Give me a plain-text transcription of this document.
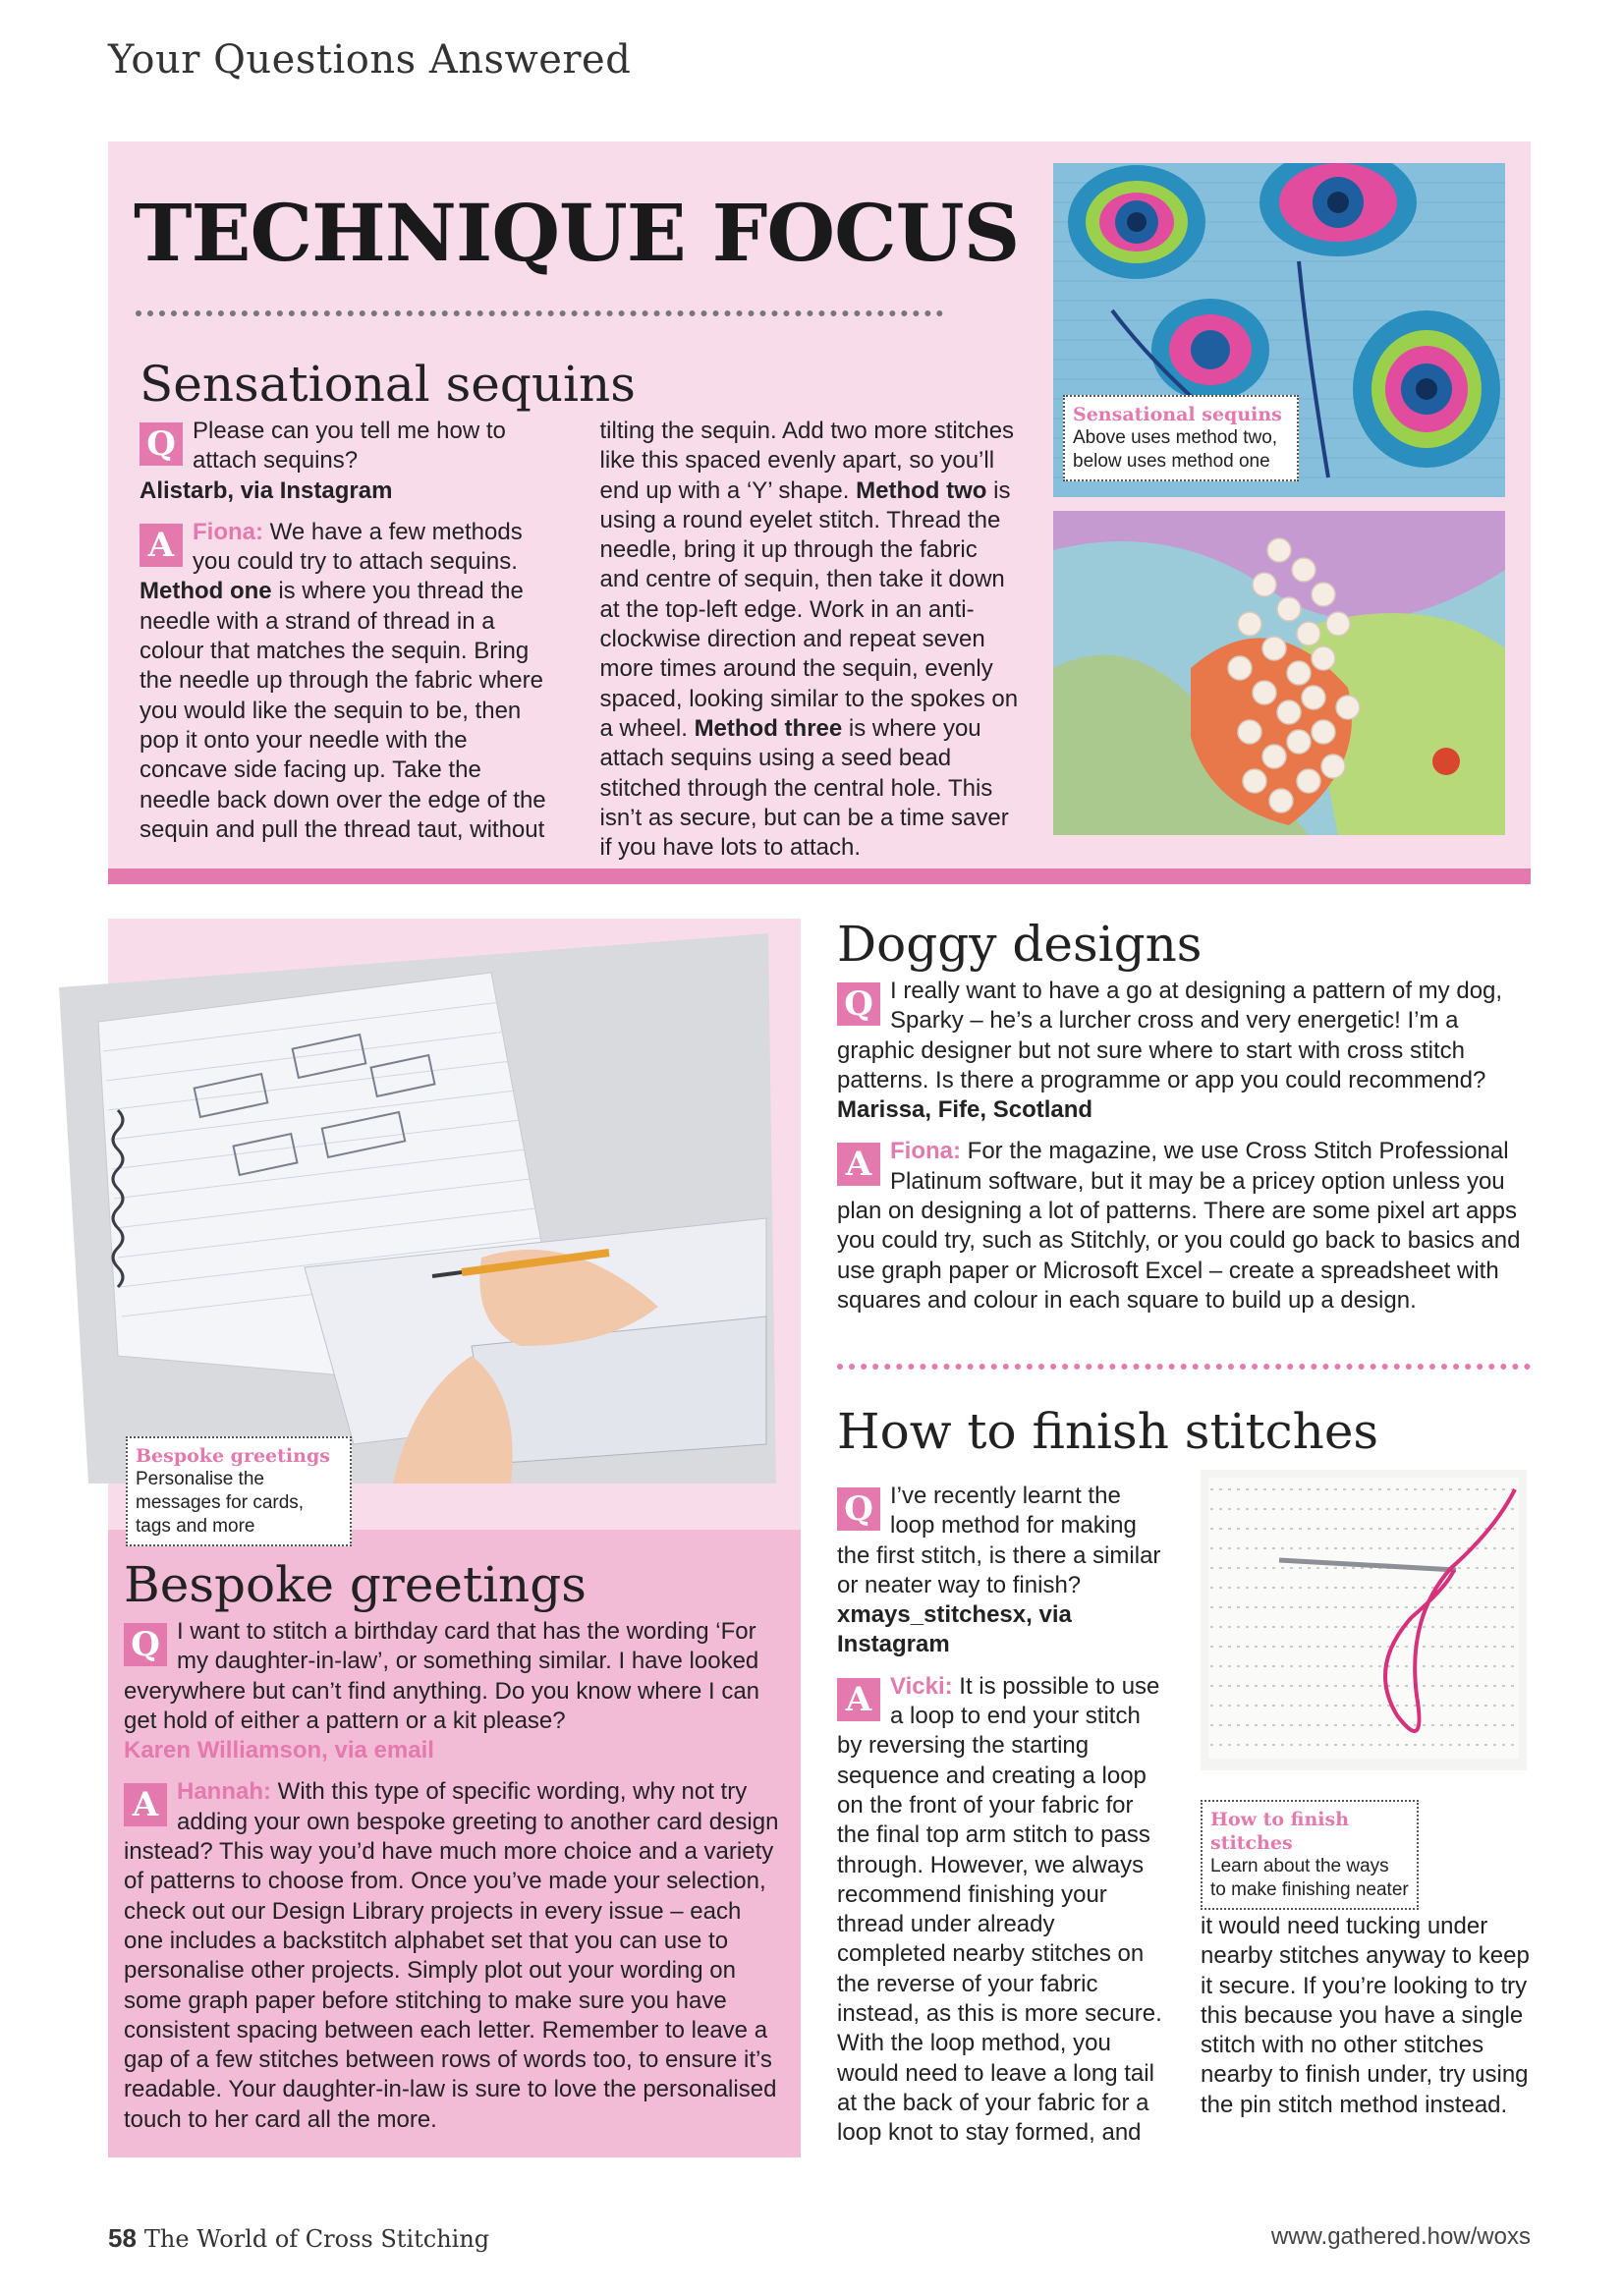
Your Questions Answered
TECHNIQUE FOCUS
Sensational sequins
Q Please can you tell me how to attach sequins?

Alistarb, via Instagram

A Fiona: We have a few methods you could try to attach sequins. Method one is where you thread the needle with a strand of thread in a colour that matches the sequin. Bring the needle up through the fabric where you would like the sequin to be, then pop it onto your needle with the concave side facing up. Take the needle back down over the edge of the sequin and pull the thread taut, without tilting the sequin. Add two more stitches like this spaced evenly apart, so you’ll end up with a ‘Y’ shape. Method two is using a round eyelet stitch. Thread the needle, bring it up through the fabric and centre of sequin, then take it down at the top-left edge. Work in an anti-clockwise direction and repeat seven more times around the sequin, evenly spaced, looking similar to the spokes on a wheel. Method three is where you attach sequins using a seed bead stitched through the central hole. This isn’t as secure, but can be a time saver if you have lots to attach.

Sensational sequins
Above uses method two, below uses method one
Bespoke greetings
Personalise the messages for cards, tags and more
Bespoke greetings
Q I want to stitch a birthday card that has the wording ‘For my daughter-in-law’, or something similar. I have looked everywhere but can’t find anything. Do you know where I can get hold of either a pattern or a kit please?

Karen Williamson, via email

A Hannah: With this type of specific wording, why not try adding your own bespoke greeting to another card design instead? This way you’d have much more choice and a variety of patterns to choose from. Once you’ve made your selection, check out our Design Library projects in every issue – each one includes a backstitch alphabet set that you can use to personalise other projects. Simply plot out your wording on some graph paper before stitching to make sure you have consistent spacing between each letter. Remember to leave a gap of a few stitches between rows of words too, to ensure it’s readable. Your daughter-in-law is sure to love the personalised touch to her card all the more.

Doggy designs
Q I really want to have a go at designing a pattern of my dog, Sparky – he’s a lurcher cross and very energetic! I’m a graphic designer but not sure where to start with cross stitch patterns. Is there a programme or app you could recommend?

Marissa, Fife, Scotland

A Fiona: For the magazine, we use Cross Stitch Professional Platinum software, but it may be a pricey option unless you plan on designing a lot of patterns. There are some pixel art apps you could try, such as Stitchly, or you could go back to basics and use graph paper or Microsoft Excel – create a spreadsheet with squares and colour in each square to build up a design.

How to finish stitches
Q I’ve recently learnt the loop method for making the first stitch, is there a similar or neater way to finish?

xmays_stitchesx, via Instagram

A Vicki: It is possible to use a loop to end your stitch by reversing the starting sequence and creating a loop on the front of your fabric for the final top arm stitch to pass through. However, we always recommend finishing your thread under already completed nearby stitches on the reverse of your fabric instead, as this is more secure. With the loop method, you would need to leave a long tail at the back of your fabric for a loop knot to stay formed, and

How to finish stitches
Learn about the ways to make finishing neater

it would need tucking under nearby stitches anyway to keep it secure. If you’re looking to try this because you have a single stitch with no other stitches nearby to finish under, try using the pin stitch method instead.

58 The World of Cross Stitching	www.gathered.how/woxs
